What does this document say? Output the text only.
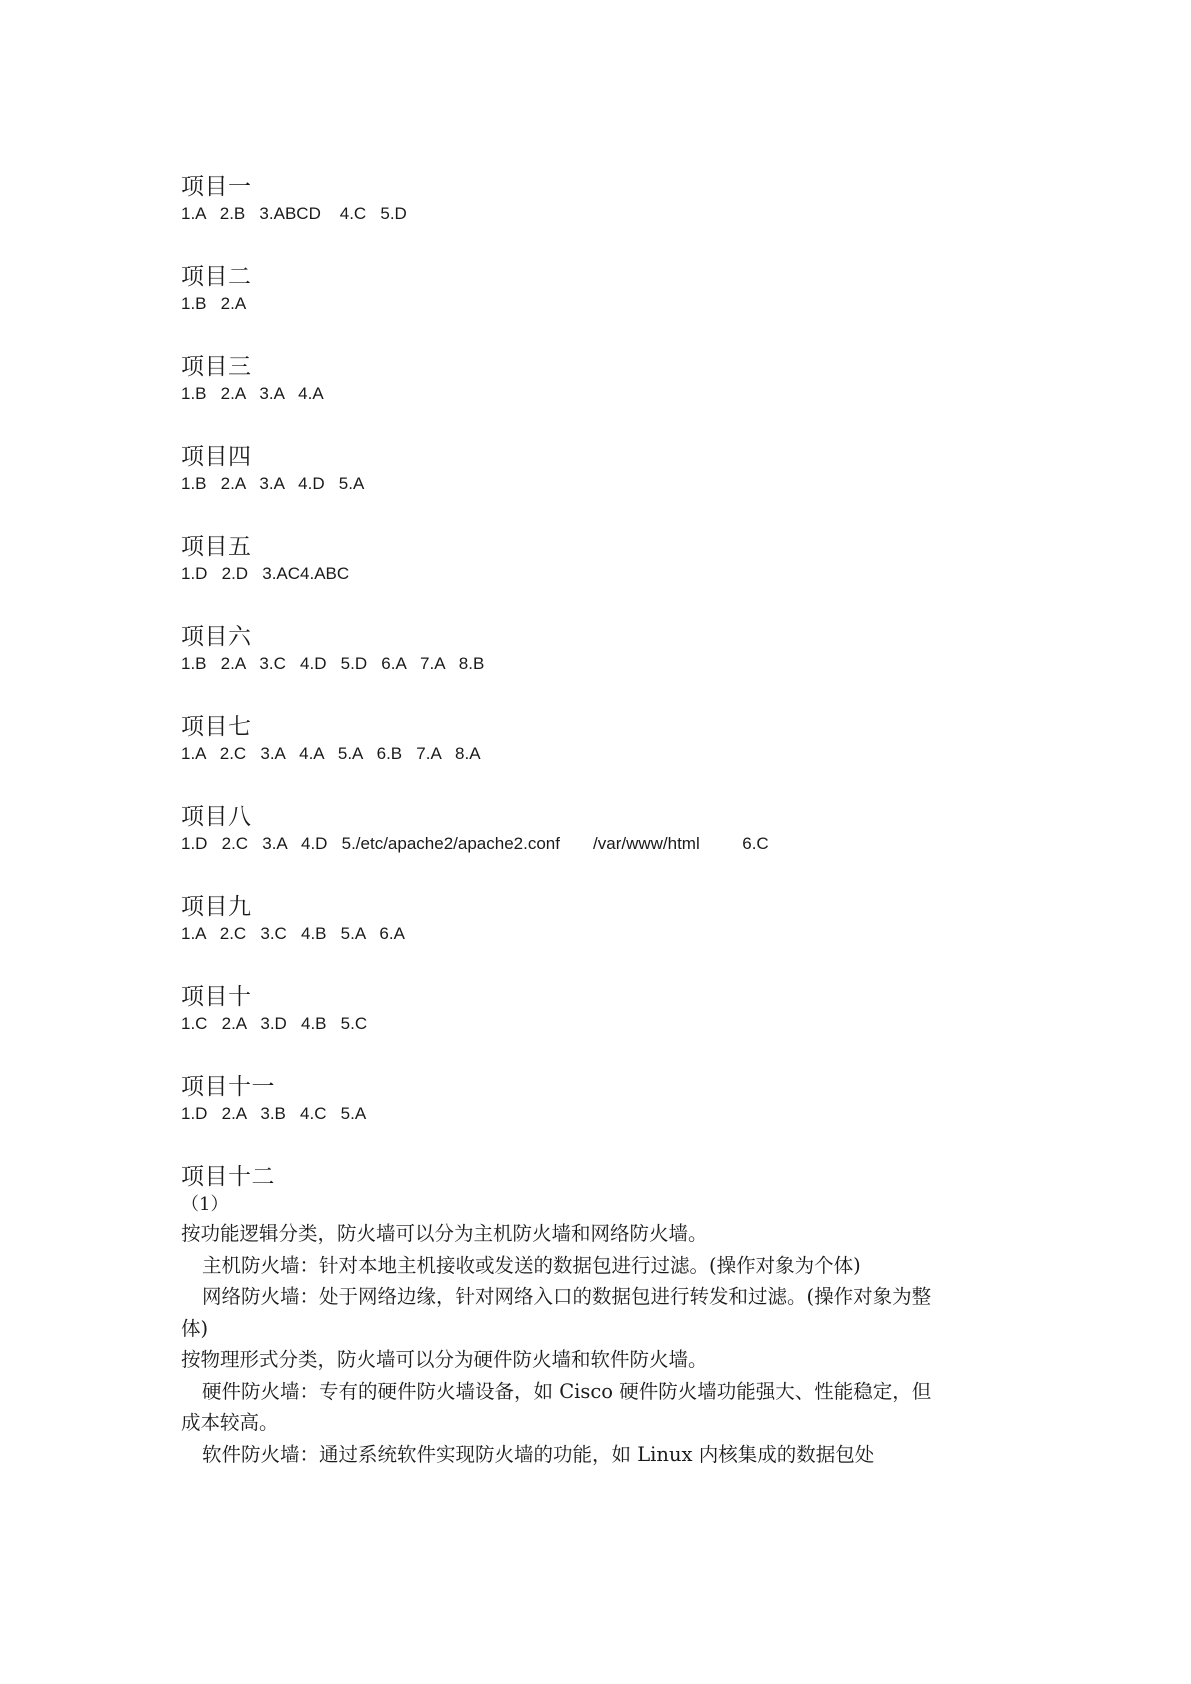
项目一

1.A   2.B   3.ABCD    4.C   5.D

项目二

1.B   2.A

项目三

1.B   2.A   3.A   4.A

项目四

1.B   2.A   3.A   4.D   5.A

项目五

1.D   2.D   3.AC4.ABC

项目六

1.B   2.A   3.C   4.D   5.D   6.A   7.A   8.B

项目七

1.A   2.C   3.A   4.A   5.A   6.B   7.A   8.A

项目八

1.D   2.C   3.A   4.D   5./etc/apache2/apache2.conf       /var/www/html         6.C

项目九

1.A   2.C   3.C   4.B   5.A   6.A

项目十

1.C   2.A   3.D   4.B   5.C

项目十一

1.D   2.A   3.B   4.C   5.A

项目十二

（1）

按功能逻辑分类，防火墙可以分为主机防火墙和网络防火墙。

主机防火墙：针对本地主机接收或发送的数据包进行过滤。(操作对象为个体)

网络防火墙：处于网络边缘，针对网络入口的数据包进行转发和过滤。(操作对象为整体)

按物理形式分类，防火墙可以分为硬件防火墙和软件防火墙。

硬件防火墙：专有的硬件防火墙设备，如 Cisco 硬件防火墙功能强大、性能稳定，但成本较高。

软件防火墙：通过系统软件实现防火墙的功能，如 Linux 内核集成的数据包处
